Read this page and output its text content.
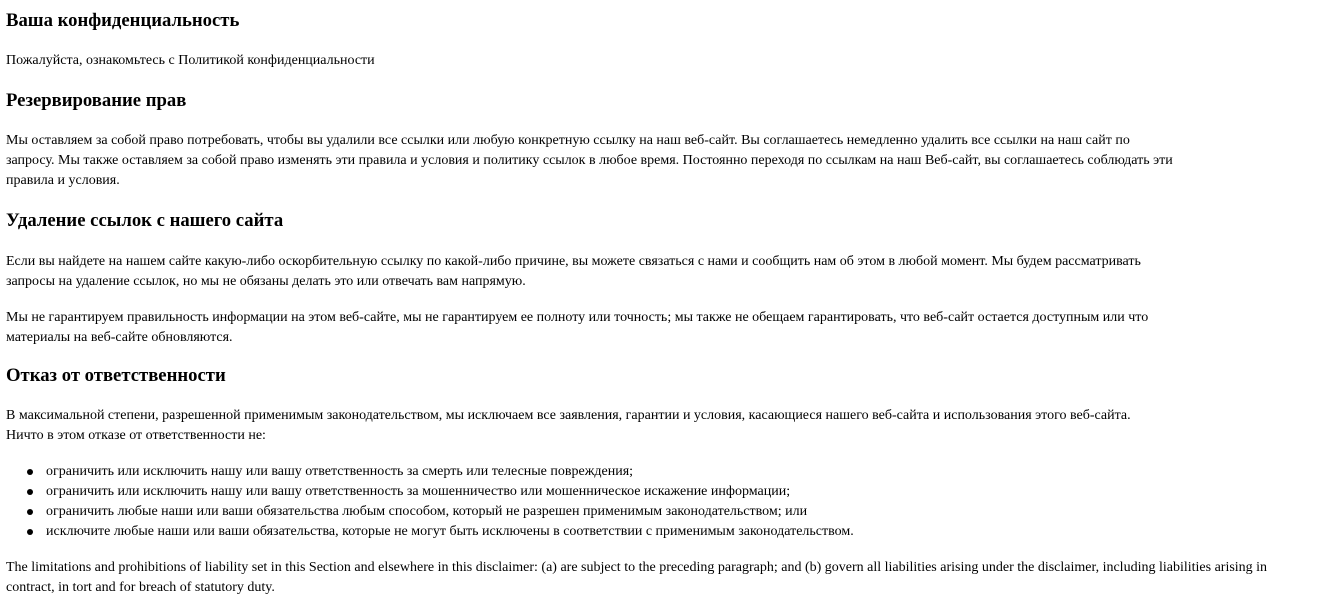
Ваша конфиденциальность

Пожалуйста, ознакомьтесь с Политикой конфиденциальности

Резервирование прав

Мы оставляем за собой право потребовать, чтобы вы удалили все ссылки или любую конкретную ссылку на наш веб-сайт. Вы соглашаетесь немедленно удалить все ссылки на наш сайт по
запросу. Мы также оставляем за собой право изменять эти правила и условия и политику ссылок в любое время. Постоянно переходя по ссылкам на наш Веб-сайт, вы соглашаетесь соблюдать эти
правила и условия.

Удаление ссылок с нашего сайта

Если вы найдете на нашем сайте какую-либо оскорбительную ссылку по какой-либо причине, вы можете связаться с нами и сообщить нам об этом в любой момент. Мы будем рассматривать
запросы на удаление ссылок, но мы не обязаны делать это или отвечать вам напрямую.

Мы не гарантируем правильность информации на этом веб-сайте, мы не гарантируем ее полноту или точность; мы также не обещаем гарантировать, что веб-сайт остается доступным или что
материалы на веб-сайте обновляются.

Отказ от ответственности

В максимальной степени, разрешенной применимым законодательством, мы исключаем все заявления, гарантии и условия, касающиеся нашего веб-сайта и использования этого веб-сайта.
Ничто в этом отказе от ответственности не:

ограничить или исключить нашу или вашу ответственность за смерть или телесные повреждения;
ограничить или исключить нашу или вашу ответственность за мошенничество или мошенническое искажение информации;
ограничить любые наши или ваши обязательства любым способом, который не разрешен применимым законодательством; или
исключите любые наши или ваши обязательства, которые не могут быть исключены в соответствии с применимым законодательством.

The limitations and prohibitions of liability set in this Section and elsewhere in this disclaimer: (a) are subject to the preceding paragraph; and (b) govern all liabilities arising under the disclaimer, including liabilities arising in
contract, in tort and for breach of statutory duty.
